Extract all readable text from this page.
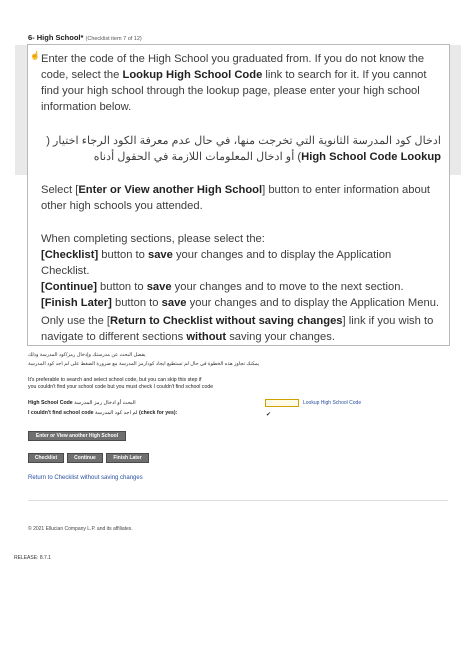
6- High School* (Checklist item 7 of 12)
☝ Enter the code of the High School you graduated from. If you do not know the code, select the Lookup High School Code link to search for it. If you cannot find your high school through the lookup page, please enter your high school information below.
ادخال كود المدرسة الثانوية التي تخرجت منها، في حال عدم معرفة الكود الرجاء اختيار ( Lookup High School Code) أو ادخال المعلومات اللازمة في الحقول أدناه
Select [Enter or View another High School] button to enter information about other high schools you attended.
When completing sections, please select the:
[Checklist] button to save your changes and to display the Application Checklist.
[Continue] button to save your changes and to move to the next section. [Finish Later] button to save your changes and to display the Application Menu.
Only use the [Return to Checklist without saving changes] link if you wish to navigate to different sections without saving your changes.
يفضل البحث عن مدرستك وإدخال رمز/كود المدرسة وذلك
يمكنك تجاوز هذه الخطوة في حال لم تستطيع ايجاد كود/رمز المدرسة مع ضرورة الضغط على لم اجد كود المدرسة
It's preferable to search and select school code, but you can skip this step if
you couldn't find your school code but you must check I couldn't find school code
High School Code البحث أو ادخال رمز المدرسة	Lookup High School Code
I couldn't find school code لم اجد كود المدرسة (check for yes):	✔
Enter or View another High School
Checklist	Continue	Finish Later
Return to Checklist without saving changes
© 2021 Ellucian Company L.P. and its affiliates.
RELEASE: 8.7.1
